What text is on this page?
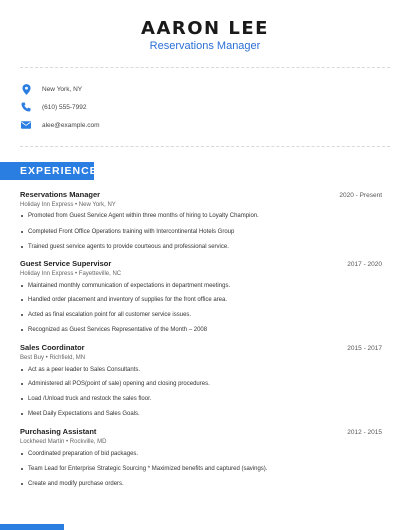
AARON LEE
Reservations Manager
New York, NY
(610) 555-7992
alee@example.com
EXPERIENCE
Reservations Manager	2020 - Present
Holiday Inn Express • New York, NY
Promoted from Guest Service Agent within three months of hiring to Loyalty Champion.
Completed Front Office Operations training with Intercontinental Hotels Group
Trained guest service agents to provide courteous and professional service.
Guest Service Supervisor	2017 - 2020
Holiday Inn Express • Fayetteville, NC
Maintained monthly communication of expectations in department meetings.
Handled order placement and inventory of supplies for the front office area.
Acted as final escalation point for all customer service issues.
Recognized as Guest Services Representative of the Month – 2008
Sales Coordinator	2015 - 2017
Best Buy • Richfield, MN
Act as a peer leader to Sales Consultants.
Administered all POS(point of sale) opening and closing procedures.
Load /Unload truck and restock the sales floor.
Meet Daily Expectations and Sales Goals.
Purchasing Assistant	2012 - 2015
Lockheed Martin • Rockville, MD
Coordinated preparation of bid packages.
Team Lead for Enterprise Strategic Sourcing * Maximized benefits and captured (savings).
Create and modify purchase orders.
